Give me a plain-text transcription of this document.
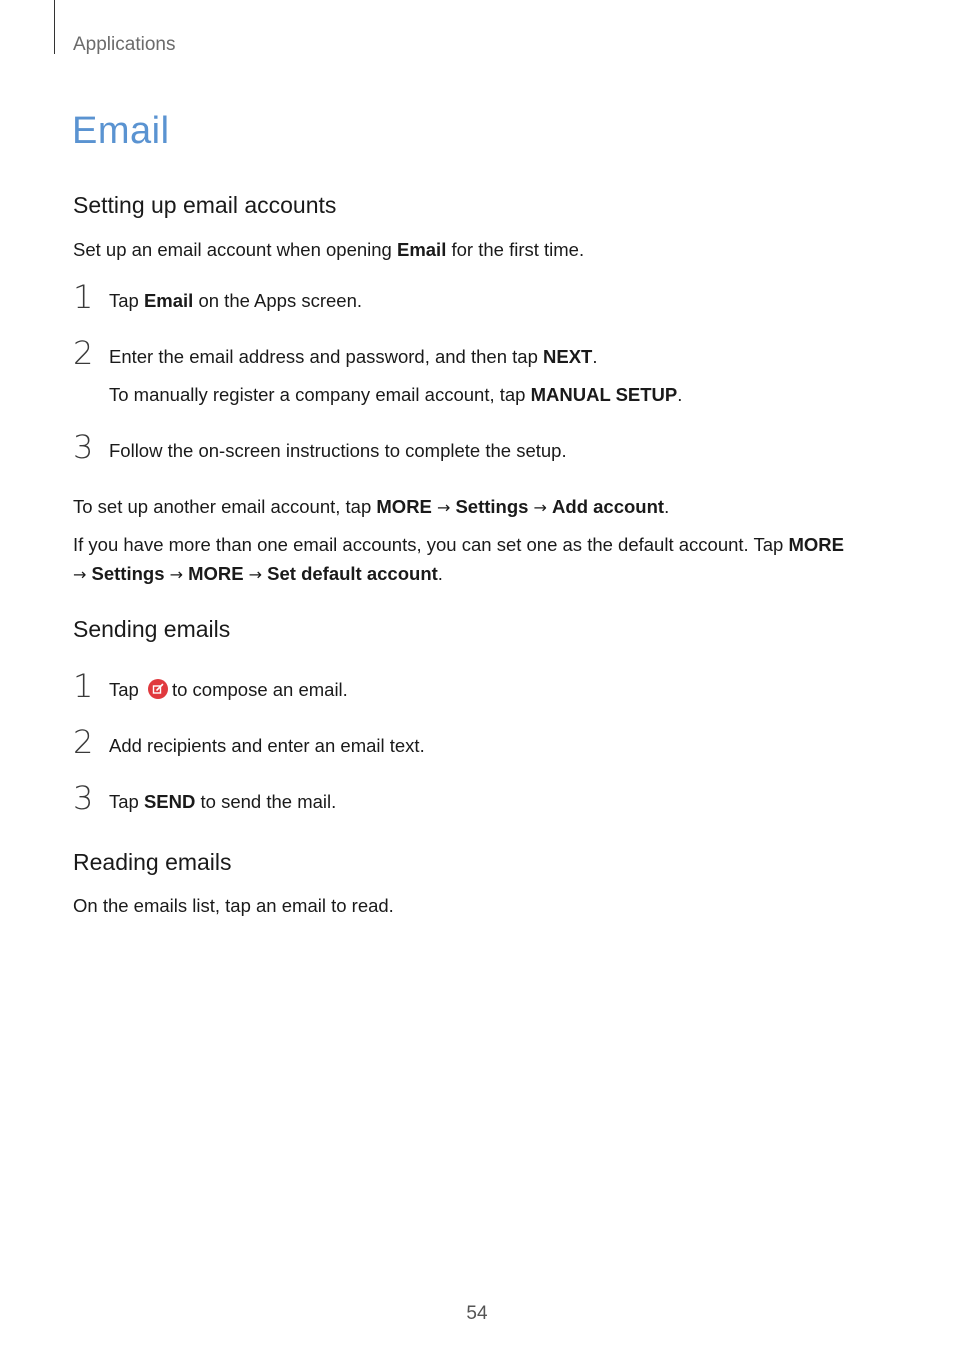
Applications
Email
Setting up email accounts

Set up an email account when opening Email for the first time.

1 Tap Email on the Apps screen.
2 Enter the email address and password, and then tap NEXT.
To manually register a company email account, tap MANUAL SETUP.
3 Follow the on-screen instructions to complete the setup.

To set up another email account, tap MORE → Settings → Add account.

If you have more than one email accounts, you can set one as the default account. Tap MORE
→ Settings → MORE → Set default account.

Sending emails
1 Tap
to compose an email.
2 Add recipients and enter an email text.
3 Tap SEND to send the mail.
Reading emails

On the emails list, tap an email to read.

54
